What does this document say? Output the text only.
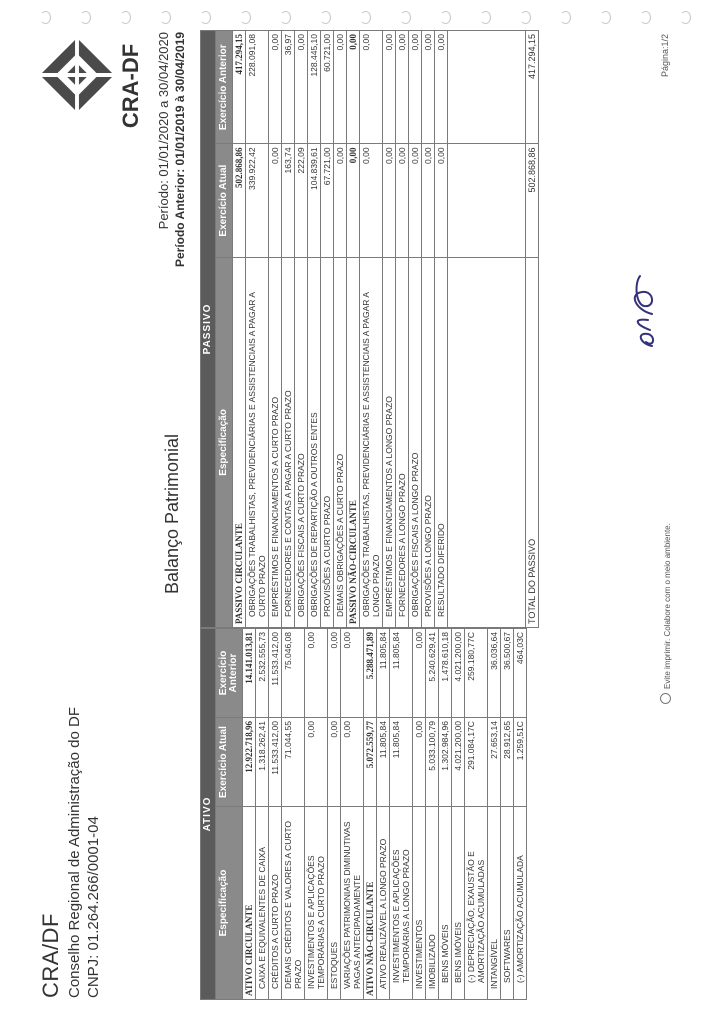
CRA/DF Conselho Regional de Administração do DF CNPJ: 01.264.266/0001-04
CRA-DF Período: 01/01/2020 a 30/04/2020 Período Anterior: 01/01/2019 à 30/04/2019
Balanço Patrimonial
ATIVO		
Especificação	Exercício Atual	Exercício Anterior
ATIVO CIRCULANTE	12.922.718,96	14.141.013,81
CAIXA E EQUIVALENTES DE CAIXA	1.318.262,41	2.532.555,73
CRÉDITOS A CURTO PRAZO	11.533.412,00	11.533.412,00
DEMAIS CRÉDITOS E VALORES A CURTO PRAZO	71.044,55	75.046,08
INVESTIMENTOS E APLICAÇÕES TEMPORÁRIAS A CURTO PRAZO	0,00	0,00
ESTOQUES	0,00	0,00
VARIAÇÕES PATRIMONIAIS DIMINUTIVAS PAGAS ANTECIPADAMENTE	0,00	0,00
ATIVO NÃO-CIRCULANTE	5.072.559,77	5.288.471,89
ATIVO REALIZÁVEL A LONGO PRAZO	11.805,84	11.805,84
INVESTIMENTOS E APLICAÇÕES TEMPORÁRIAS A LONGO PRAZO	11.805,84	11.805,84
INVESTIMENTOS	0,00	0,00
IMOBILIZADO	5.033.100,79	5.240.629,41
BENS MÓVEIS	1.302.984,96	1.478.610,18
BENS IMÓVEIS	4.021.200,00	4.021.200,00
(-) DEPRECIAÇÃO, EXAUSTÃO E AMORTIZAÇÃO ACUMULADAS	291.084,17C	259.180,77C
INTANGÍVEL	27.653,14	36.036,64
SOFTWARES	28.912,65	36.500,67
(-) AMORTIZAÇÃO ACUMULADA	1.259,51C	464,03C
PASSIVO		
Especificação	Exercício Atual	Exercício Anterior
PASSIVO CIRCULANTE	502.868,86	417.294,15
OBRIGAÇÕES TRABALHISTAS, PREVIDENCIÁRIAS E ASSISTENCIAIS A PAGAR A CURTO PRAZO	339.922,42	228.091,08
EMPRÉSTIMOS E FINANCIAMENTOS A CURTO PRAZO	0,00	0,00
FORNECEDORES E CONTAS A PAGAR A CURTO PRAZO	163,74	36,97
OBRIGAÇÕES FISCAIS A CURTO PRAZO	222,09	0,00
OBRIGAÇÕES DE REPARTIÇÃO A OUTROS ENTES	104.839,61	128.445,10
PROVISÕES A CURTO PRAZO	67.721,00	60.721,00
DEMAIS OBRIGAÇÕES A CURTO PRAZO	0,00	0,00
PASSIVO NÃO-CIRCULANTE	0,00	0,00
OBRIGAÇÕES TRABALHISTAS, PREVIDENCIÁRIAS E ASSISTENCIAIS A PAGAR A LONGO PRAZO	0,00	0,00
EMPRÉSTIMOS E FINANCIAMENTOS A LONGO PRAZO	0,00	0,00
FORNECEDORES A LONGO PRAZO	0,00	0,00
OBRIGAÇÕES FISCAIS A LONGO PRAZO	0,00	0,00
PROVISÕES A LONGO PRAZO	0,00	0,00
RESULTADO DIFERIDO	0,00	0,00

TOTAL DO PASSIVO	502.868,86	417.294,15
Evite imprimir. Colabore com o meio ambiente.
Página:1/2
